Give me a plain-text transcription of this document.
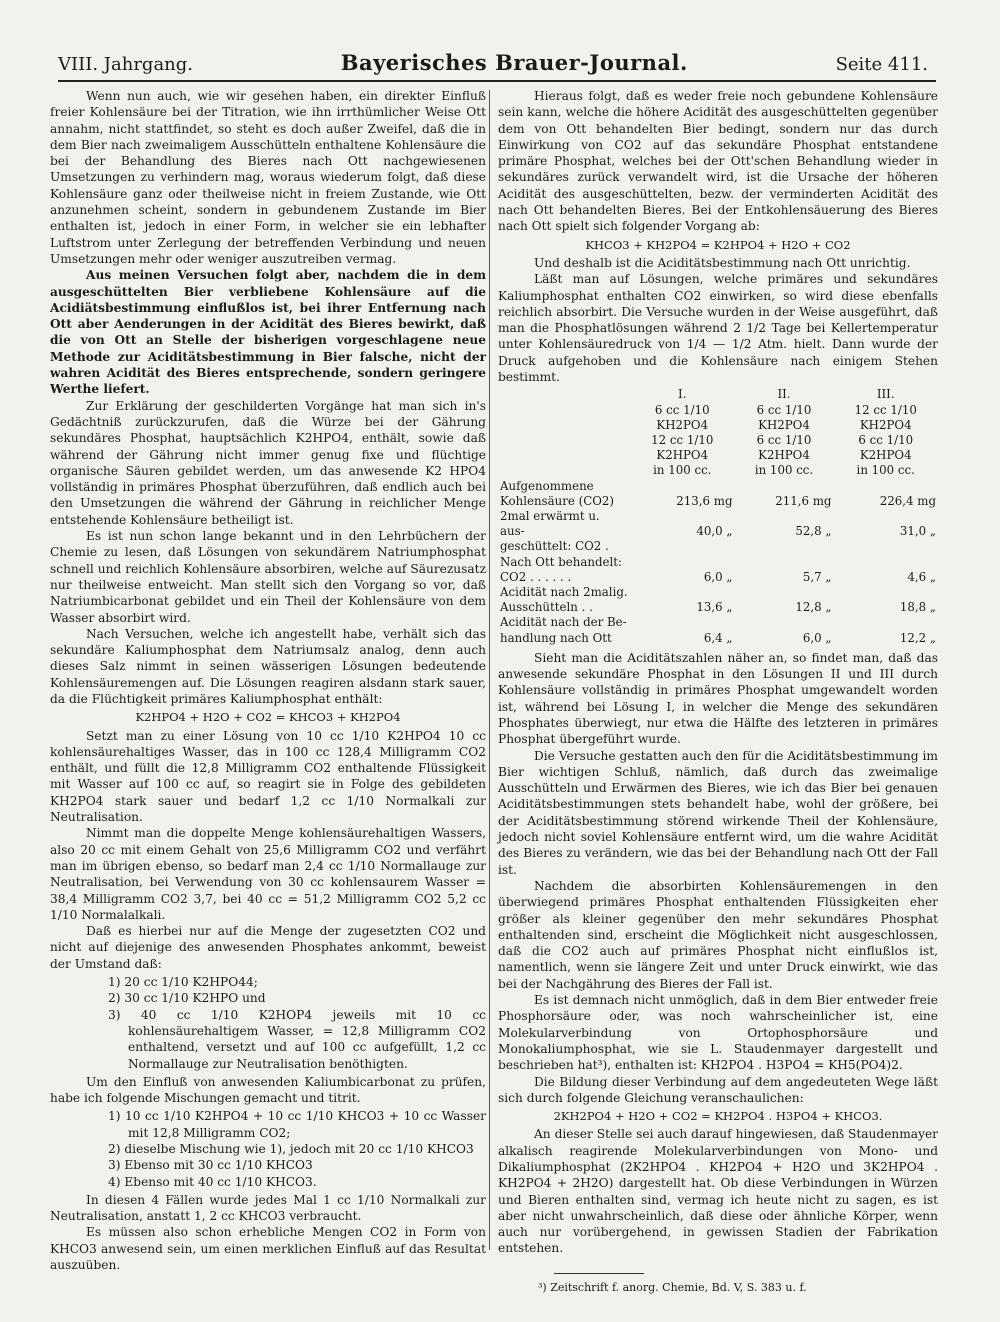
VIII. Jahrgang.	Bayerisches Brauer-Journal.	Seite 411.

Wenn nun auch, wie wir gesehen haben, ein direkter Einfluß freier Kohlensäure bei der Titration, wie ihn irrthümlicher Weise Ott annahm, nicht stattfindet, so steht es doch außer Zweifel, daß die in dem Bier nach zweimaligem Ausschütteln enthaltene Kohlensäure die bei der Behandlung des Bieres nach Ott nachgewiesenen Umsetzungen zu verhindern mag, woraus wiederum folgt, daß diese Kohlensäure ganz oder theilweise nicht in freiem Zustande, wie Ott anzunehmen scheint, sondern in gebundenem Zustande im Bier enthalten ist, jedoch in einer Form, in welcher sie ein lebhafter Luftstrom unter Zerlegung der betreffenden Verbindung und neuen Umsetzungen mehr oder weniger auszutreiben vermag.

Aus meinen Versuchen folgt aber, nachdem die in dem ausgeschüttelten Bier verbliebene Kohlensäure auf die Acidiätsbestimmung einflußlos ist, bei ihrer Entfernung nach Ott aber Aenderungen in der Acidität des Bieres bewirkt, daß die von Ott an Stelle der bisherigen vorgeschlagene neue Methode zur Aciditätsbestimmung in Bier falsche, nicht der wahren Acidität des Bieres entsprechende, sondern geringere Werthe liefert.

Zur Erklärung der geschilderten Vorgänge hat man sich in's Gedächtniß zurückzurufen, daß die Würze bei der Gährung sekundäres Phosphat, hauptsächlich K2HPO4, enthält, sowie daß während der Gährung nicht immer genug fixe und flüchtige organische Säuren gebildet werden, um das anwesende K2 HPO4 vollständig in primäres Phosphat überzuführen, daß endlich auch bei den Umsetzungen die während der Gährung in reichlicher Menge entstehende Kohlensäure betheiligt ist.

Es ist nun schon lange bekannt und in den Lehrbüchern der Chemie zu lesen, daß Lösungen von sekundärem Natriumphosphat schnell und reichlich Kohlensäure absorbiren, welche auf Säurezusatz nur theilweise entweicht. Man stellt sich den Vorgang so vor, daß Natriumbicarbonat gebildet und ein Theil der Kohlensäure von dem Wasser absorbirt wird.

Nach Versuchen, welche ich angestellt habe, verhält sich das sekundäre Kaliumphosphat dem Natriumsalz analog, denn auch dieses Salz nimmt in seinen wässerigen Lösungen bedeutende Kohlensäuremengen auf. Die Lösungen reagiren alsdann stark sauer, da die Flüchtigkeit primäres Kaliumphosphat enthält:

K2HPO4 + H2O + CO2 = KHCO3 + KH2PO4

Setzt man zu einer Lösung von 10 cc 1/10 K2HPO4 10 cc kohlensäurehaltiges Wasser, das in 100 cc 128,4 Milligramm CO2 enthält, und füllt die 12,8 Milligramm CO2 enthaltende Flüssigkeit mit Wasser auf 100 cc auf, so reagirt sie in Folge des gebildeten KH2PO4 stark sauer und bedarf 1,2 cc 1/10 Normalkali zur Neutralisation.

Nimmt man die doppelte Menge kohlensäurehaltigen Wassers, also 20 cc mit einem Gehalt von 25,6 Milligramm CO2 und verfährt man im übrigen ebenso, so bedarf man 2,4 cc 1/10 Normallauge zur Neutralisation, bei Verwendung von 30 cc kohlensaurem Wasser = 38,4 Milligramm CO2 3,7, bei 40 cc = 51,2 Milligramm CO2 5,2 cc 1/10 Normalalkali.

Daß es hierbei nur auf die Menge der zugesetzten CO2 und nicht auf diejenige des anwesenden Phosphates ankommt, beweist der Umstand daß:

1) 20 cc 1/10 K2HPO44;
2) 30 cc 1/10 K2HPO und
3) 40 cc 1/10 K2HOP4 jeweils mit 10 cc kohlensäurehaltigem Wasser, = 12,8 Milligramm CO2 enthaltend, versetzt und auf 100 cc aufgefüllt, 1,2 cc Normallauge zur Neutralisation benöthigten.

Um den Einfluß von anwesenden Kaliumbicarbonat zu prüfen, habe ich folgende Mischungen gemacht und titrit.

1) 10 cc 1/10 K2HPO4 + 10 cc 1/10 KHCO3 + 10 cc Wasser mit 12,8 Milligramm CO2;
2) dieselbe Mischung wie 1), jedoch mit 20 cc 1/10 KHCO3
3) Ebenso mit 30 cc 1/10 KHCO3
4) Ebenso mit 40 cc 1/10 KHCO3.

In diesen 4 Fällen wurde jedes Mal 1 cc 1/10 Normalkali zur Neutralisation, anstatt 1, 2 cc KHCO3 verbraucht.

Es müssen also schon erhebliche Mengen CO2 in Form von KHCO3 anwesend sein, um einen merklichen Einfluß auf das Resultat auszuüben.

Hieraus folgt, daß es weder freie noch gebundene Kohlensäure sein kann, welche die höhere Acidität des ausgeschüttelten gegenüber dem von Ott behandelten Bier bedingt, sondern nur das durch Einwirkung von CO2 auf das sekundäre Phosphat entstandene primäre Phosphat, welches bei der Ott'schen Behandlung wieder in sekundäres zurück verwandelt wird, ist die Ursache der höheren Acidität des ausgeschüttelten, bezw. der verminderten Acidität des nach Ott behandelten Bieres. Bei der Entkohlensäuerung des Bieres nach Ott spielt sich folgender Vorgang ab:

KHCO3 + KH2PO4 = K2HPO4 + H2O + CO2

Und deshalb ist die Aciditätsbestimmung nach Ott unrichtig.

Läßt man auf Lösungen, welche primäres und sekundäres Kaliumphosphat enthalten CO2 einwirken, so wird diese ebenfalls reichlich absorbirt. Die Versuche wurden in der Weise ausgeführt, daß man die Phosphatlösungen während 2 1/2 Tage bei Kellertemperatur unter Kohlensäuredruck von 1/4 — 1/2 Atm. hielt. Dann wurde der Druck aufgehoben und die Kohlensäure nach einigem Stehen bestimmt.

	I.	II.	III.
	6 cc 1/10 KH2PO4	6 cc 1/10 KH2PO4	12 cc 1/10 KH2PO4
	12 cc 1/10 K2HPO4	6 cc 1/10 K2HPO4	6 cc 1/10 K2HPO4
	in 100 cc.	in 100 cc.	in 100 cc.
Aufgenommene
Kohlensäure (CO2)	213,6 mg	211,6 mg	226,4 mg
2mal erwärmt u. aus-
geschüttelt: CO2 .	40,0 „	52,8 „	31,0 „
Nach Ott behandelt:
CO2 . . . . . .	6,0 „	5,7 „	4,6 „
Acidität nach 2malig.
Ausschütteln . .	13,6 „	12,8 „	18,8 „
Acidität nach der Be-
handlung nach Ott	6,4 „	6,0 „	12,2 „

Sieht man die Aciditätszahlen näher an, so findet man, daß das anwesende sekundäre Phosphat in den Lösungen II und III durch Kohlensäure vollständig in primäres Phosphat umgewandelt worden ist, während bei Lösung I, in welcher die Menge des sekundären Phosphates überwiegt, nur etwa die Hälfte des letzteren in primäres Phosphat übergeführt wurde.

Die Versuche gestatten auch den für die Aciditätsbestimmung im Bier wichtigen Schluß, nämlich, daß durch das zweimalige Ausschütteln und Erwärmen des Bieres, wie ich das Bier bei genauen Aciditätsbestimmungen stets behandelt habe, wohl der größere, bei der Aciditätsbestimmung störend wirkende Theil der Kohlensäure, jedoch nicht soviel Kohlensäure entfernt wird, um die wahre Acidität des Bieres zu verändern, wie das bei der Behandlung nach Ott der Fall ist.

Nachdem die absorbirten Kohlensäuremengen in den überwiegend primäres Phosphat enthaltenden Flüssigkeiten eher größer als kleiner gegenüber den mehr sekundäres Phosphat enthaltenden sind, erscheint die Möglichkeit nicht ausgeschlossen, daß die CO2 auch auf primäres Phosphat nicht einflußlos ist, namentlich, wenn sie längere Zeit und unter Druck einwirkt, wie das bei der Nachgährung des Bieres der Fall ist.

Es ist demnach nicht unmöglich, daß in dem Bier entweder freie Phosphorsäure oder, was noch wahrscheinlicher ist, eine Molekularverbindung von Ortophosphorsäure und Monokaliumphosphat, wie sie L. Staudenmayer dargestellt und beschrieben hat³), enthalten ist: KH2PO4 . H3PO4 = KH5(PO4)2.

Die Bildung dieser Verbindung auf dem angedeuteten Wege läßt sich durch folgende Gleichung veranschaulichen:

2KH2PO4 + H2O + CO2 = KH2PO4 . H3PO4 + KHCO3.

An dieser Stelle sei auch darauf hingewiesen, daß Staudenmayer alkalisch reagirende Molekularverbindungen von Mono- und Dikaliumphosphat (2K2HPO4 . KH2PO4 + H2O und 3K2HPO4 . KH2PO4 + 2H2O) dargestellt hat. Ob diese Verbindungen in Würzen und Bieren enthalten sind, vermag ich heute nicht zu sagen, es ist aber nicht unwahrscheinlich, daß diese oder ähnliche Körper, wenn auch nur vorübergehend, in gewissen Stadien der Fabrikation entstehen.

³) Zeitschrift f. anorg. Chemie, Bd. V, S. 383 u. f.
